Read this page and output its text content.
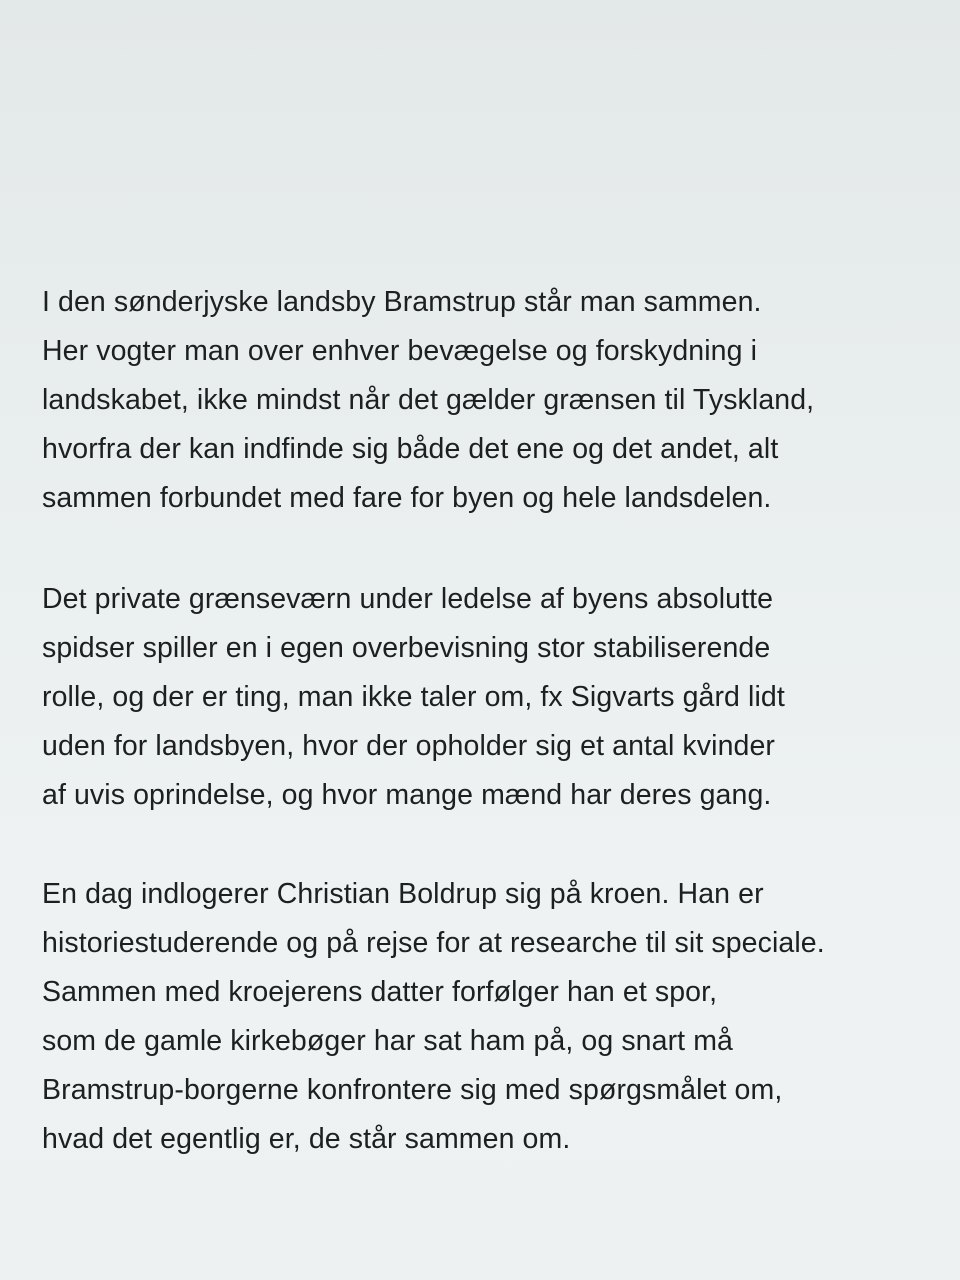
I den sønderjyske landsby Bramstrup står man sammen.
Her vogter man over enhver bevægelse og forskydning i
landskabet, ikke mindst når det gælder grænsen til Tyskland,
hvorfra der kan indfinde sig både det ene og det andet, alt
sammen forbundet med fare for byen og hele landsdelen.

Det private grænseværn under ledelse af byens absolutte
spidser spiller en i egen overbevisning stor stabiliserende
rolle, og der er ting, man ikke taler om, fx Sigvarts gård lidt
uden for landsbyen, hvor der opholder sig et antal kvinder
af uvis oprindelse, og hvor mange mænd har deres gang.

En dag indlogerer Christian Boldrup sig på kroen. Han er
historiestuderende og på rejse for at researche til sit speciale.
Sammen med kroejerens datter forfølger han et spor,
som de gamle kirkebøger har sat ham på, og snart må
Bramstrup-borgerne konfrontere sig med spørgsmålet om,
hvad det egentlig er, de står sammen om.
